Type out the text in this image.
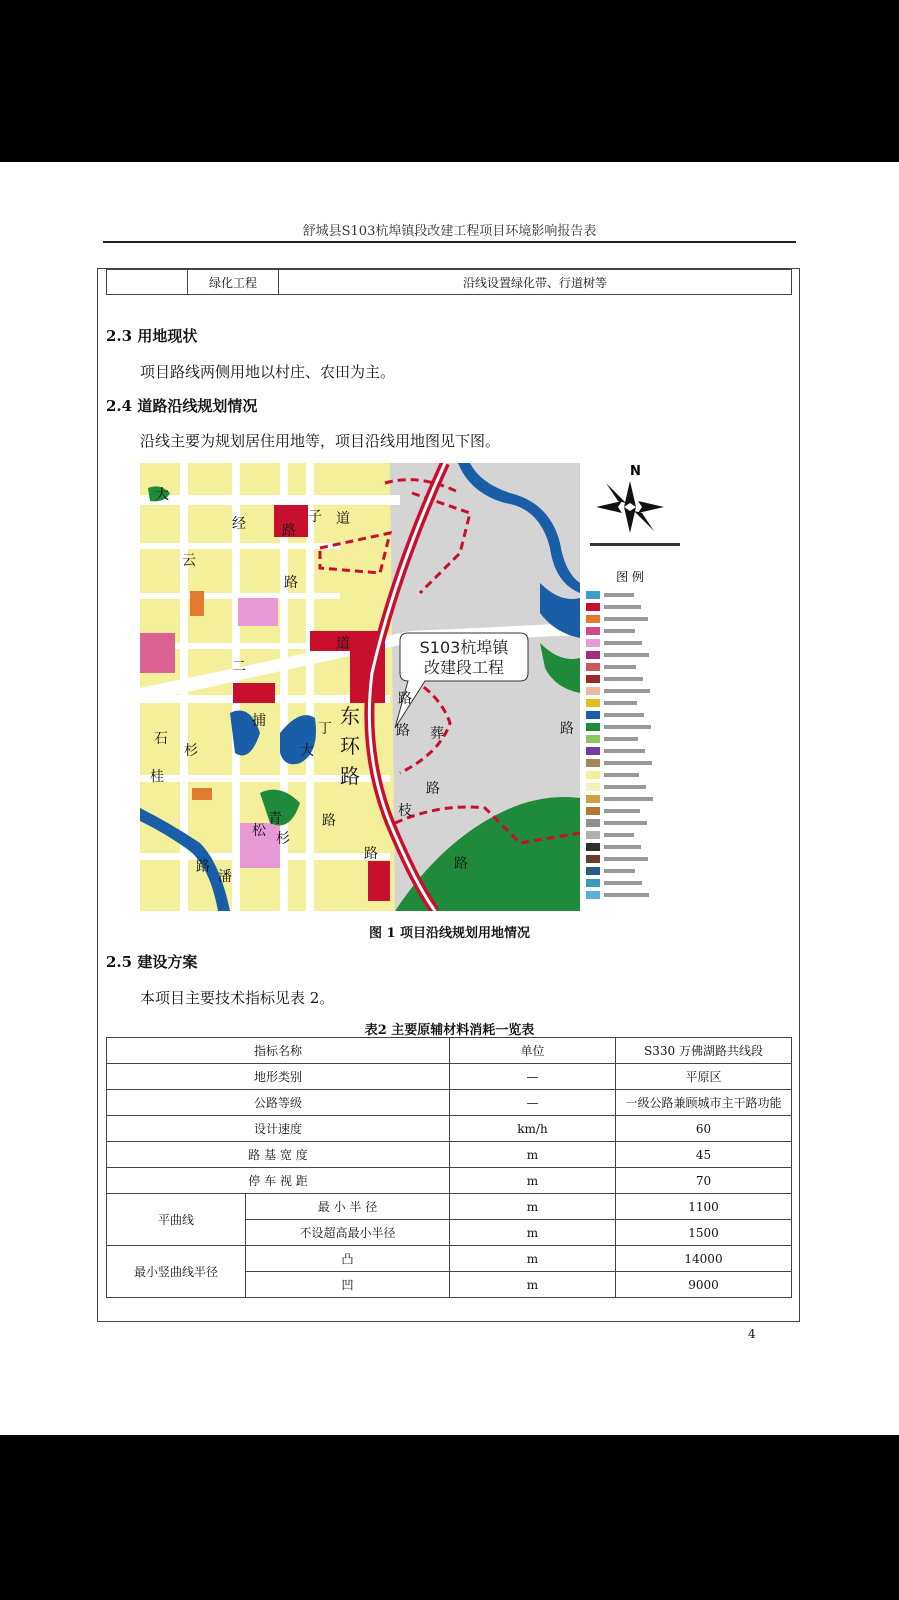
舒城县S103杭埠镇段改建工程项目环境影响报告表
	绿化工程	沿线设置绿化带、行道树等
2.3 用地现状
项目路线两侧用地以村庄、农田为主。
2.4 道路沿线规划情况
沿线主要为规划居住用地等，项目沿线用地图见下图。
S103杭埠镇
改建段工程
大
经	路
道
子
云
路
二
道
丁
东
环
路
路
葬
路
石
杉
捕
大
路
枝
桂
青
杉
路
松
路
潘
路
路
路
N
图 例
图 1 项目沿线规划用地情况
2.5 建设方案
本项目主要技术指标见表 2。
表2 主要原辅材料消耗一览表
指标名称		单位	S330 万佛湖路共线段
地形类别		—	平原区
公路等级		—	一级公路兼顾城市主干路功能
设计速度		km/h	60
路 基 宽 度		m	45
停 车 视 距		m	70
平曲线	最 小 半 径	m	1100
	不设超高最小半径	m	1500
最小竖曲线半径	凸	m	14000
	凹	m	9000
4
